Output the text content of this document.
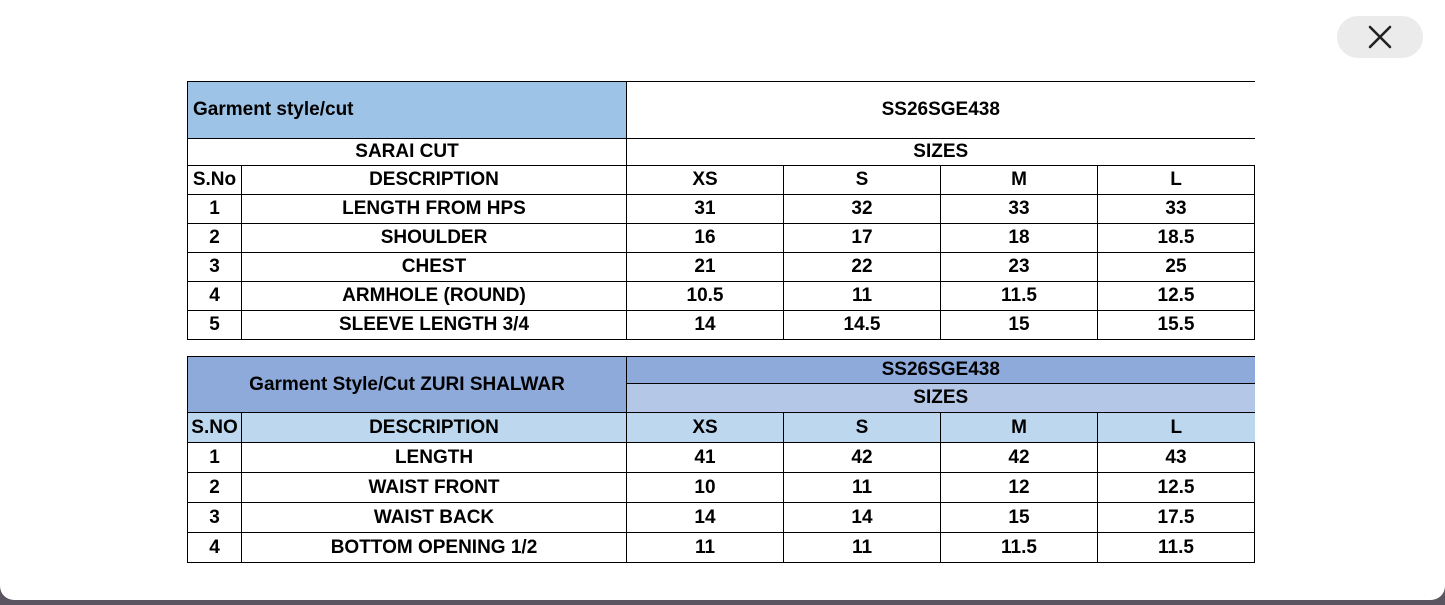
Garment style/cut		SS26SGE438			
SARAI CUT		SIZES			
S.No	DESCRIPTION	XS	S	M	L
1	LENGTH FROM HPS	31	32	33	33
2	SHOULDER	16	17	18	18.5
3	CHEST	21	22	23	25
4	ARMHOLE (ROUND)	10.5	11	11.5	12.5
5	SLEEVE LENGTH 3/4	14	14.5	15	15.5
Garment Style/Cut ZURI SHALWAR		SS26SGE438			
		SIZES			
S.NO	DESCRIPTION	XS	S	M	L
1	LENGTH	41	42	42	43
2	WAIST FRONT	10	11	12	12.5
3	WAIST BACK	14	14	15	17.5
4	BOTTOM OPENING 1/2	11	11	11.5	11.5
